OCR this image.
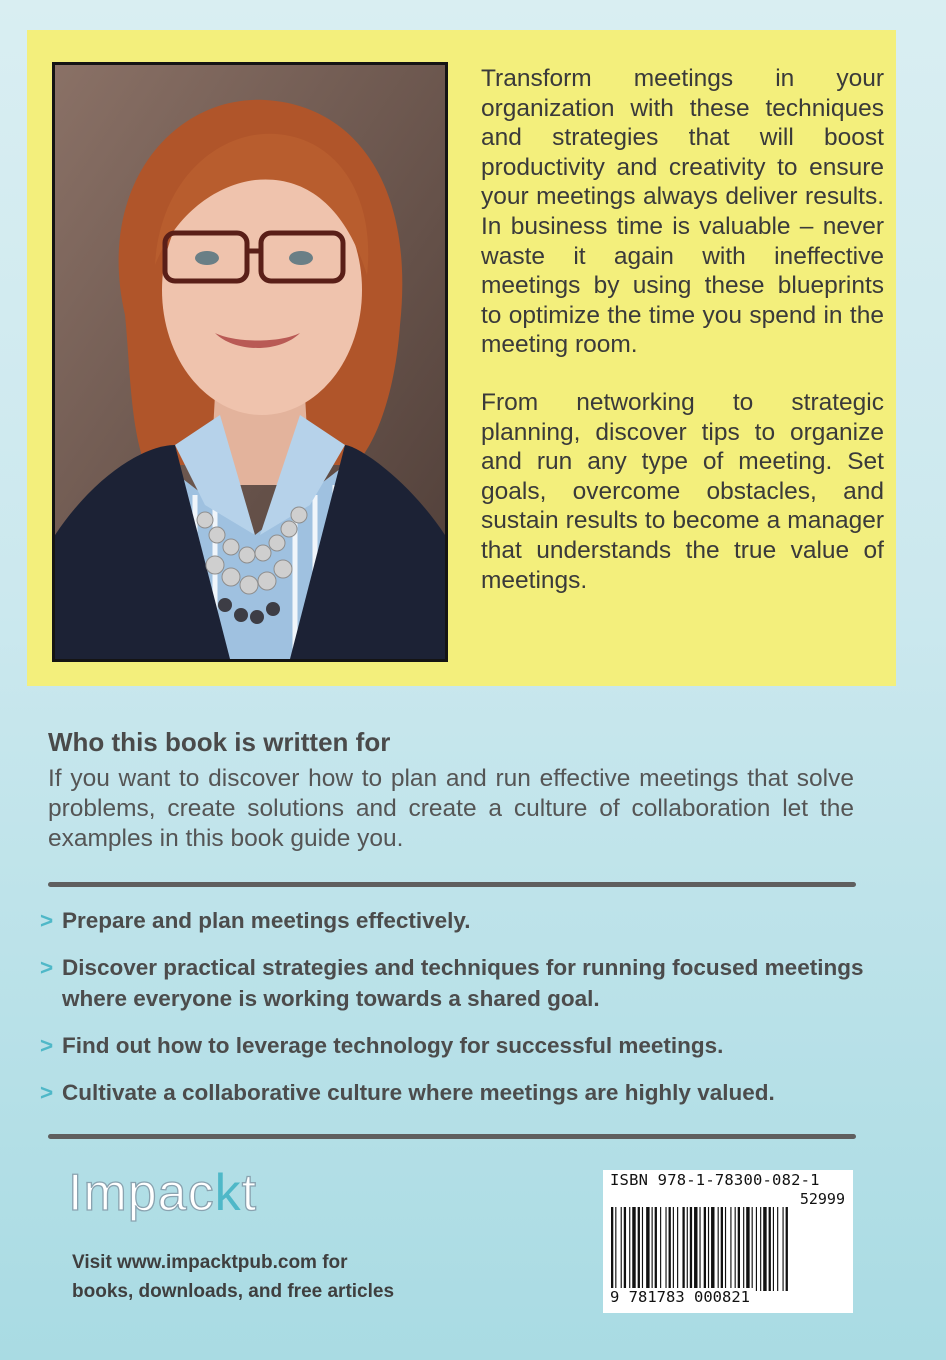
Transform meetings in your organization with these techniques and strategies that will boost productivity and creativity to ensure your meetings always deliver results. In business time is valuable – never waste it again with ineffective meetings by using these blueprints to optimize the time you spend in the meeting room.

From networking to strategic planning, discover tips to organize and run any type of meeting. Set goals, overcome obstacles, and sustain results to become a manager that understands the true value of meetings.

Who this book is written for

If you want to discover how to plan and run effective meetings that solve problems, create solutions and create a culture of collaboration let the examples in this book guide you.

> Prepare and plan meetings effectively.
> Discover practical strategies and techniques for running focused meetings where everyone is working towards a shared goal.
> Find out how to leverage technology for successful meetings.
> Cultivate a collaborative culture where meetings are highly valued.
Impackt
Visit www.impacktpub.com for books, downloads, and free articles
ISBN 978-1-78300-082-1
52999
9 781783 000821
